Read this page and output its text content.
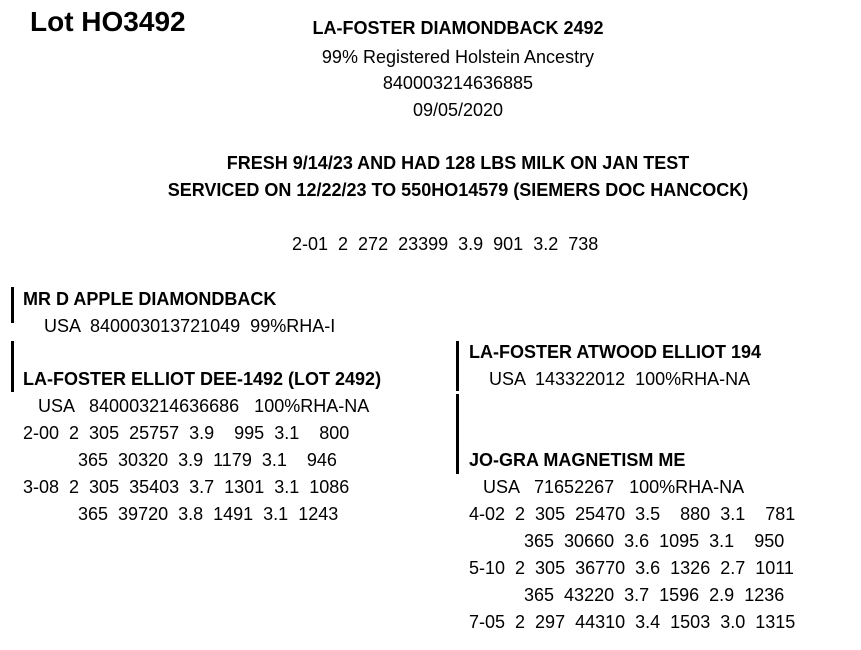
Lot HO3492	LA-FOSTER DIAMONDBACK 2492
99% Registered Holstein Ancestry
840003214636885
09/05/2020
FRESH 9/14/23 AND HAD 128 LBS MILK ON JAN TEST
SERVICED ON 12/22/23 TO 550HO14579 (SIEMERS DOC HANCOCK)
2-01  2  272  23399  3.9  901  3.2  738
MR D APPLE DIAMONDBACK
USA  840003013721049  99%RHA-I
LA-FOSTER ELLIOT DEE-1492 (LOT 2492)
USA   840003214636686   100%RHA-NA
2-00  2  305  25757  3.9    995  3.1    800
365  30320  3.9  1179  3.1    946
3-08  2  305  35403  3.7  1301  3.1  1086
365  39720  3.8  1491  3.1  1243
LA-FOSTER ATWOOD ELLIOT 194
USA  143322012  100%RHA-NA
JO-GRA MAGNETISM ME
USA   71652267   100%RHA-NA
4-02  2  305  25470  3.5    880  3.1    781
365  30660  3.6  1095  3.1    950
5-10  2  305  36770  3.6  1326  2.7  1011
365  43220  3.7  1596  2.9  1236
7-05  2  297  44310  3.4  1503  3.0  1315
